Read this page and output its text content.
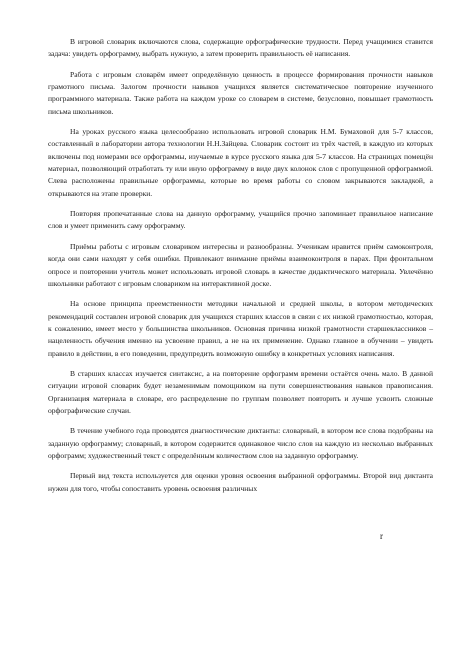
В игровой словарик включаются слова, содержащие орфографические трудности. Перед учащимися ставится задача: увидеть орфограмму, выбрать нужную, а затем проверить правильность её написания.

Работа с игровым словарём имеет определённую ценность в процессе формирования прочности навыков грамотного письма. Залогом прочности навыков учащихся является систематическое повторение изученного программного материала. Также работа на каждом уроке со словарем в системе, безусловно, повышает грамотность письма школьников.

На уроках русского языка целесообразно использовать игровой словарик Н.М. Бумаховой для 5-7 классов, составленный в лаборатории автора технологии Н.Н.Зайцева. Словарик состоит из трёх частей, в каждую из которых включены под номерами все орфограммы, изучаемые в курсе русского языка для 5-7 классов. На страницах помещён материал, позволяющий отработать ту или иную орфограмму в виде двух колонок слов с пропущенной орфограммой. Слева расположены правильные орфограммы, которые во время работы со словом закрываются закладкой, а открываются на этапе проверки.

Повторяя пропечатанные слова на данную орфограмму, учащийся прочно запоминает правильное написание слов и умеет применить саму орфограмму.

Приёмы работы с игровым словариком интересны и разнообразны. Ученикам нравится приём самоконтроля, когда они сами находят у себя ошибки. Привлекают внимание приёмы взаимоконтроля в парах. При фронтальном опросе и повторении учитель может использовать игровой словарь в качестве дидактического материала. Увлечённо школьники работают с игровым словариком на интерактивной доске.

На основе принципа преемственности методики начальной и средней школы, в котором методических рекомендаций составлен игровой словарик для учащихся старших классов в связи с их низкой грамотностью, которая, к сожалению, имеет место у большинства школьников. Основная причина низкой грамотности старшеклассников – нацеленность обучения именно на усвоение правил, а не на их применение. Однако главное в обучении – увидеть правило в действии, в его поведении, предупредить возможную ошибку в конкретных условиях написания.

В старших классах изучается синтаксис, а на повторение орфограмм времени остаётся очень мало. В данной ситуации игровой словарик будет незаменимым помощником на пути совершенствования навыков правописания. Организация материала в словаре, его распределение по группам позволяет повторить и лучше усвоить сложные орфографические случаи.

В течение учебного года проводятся диагностические диктанты: словарный, в котором все слова подобраны на заданную орфограмму; словарный, в котором содержится одинаковое число слов на каждую из несколько выбранных орфограмм; художественный текст с определённым количеством слов на заданную орфограмму.

Первый вид текста используется для оценки уровня освоения выбранной орфограммы. Второй вид диктанта нужен для того, чтобы сопоставить уровень освоения различных

r
